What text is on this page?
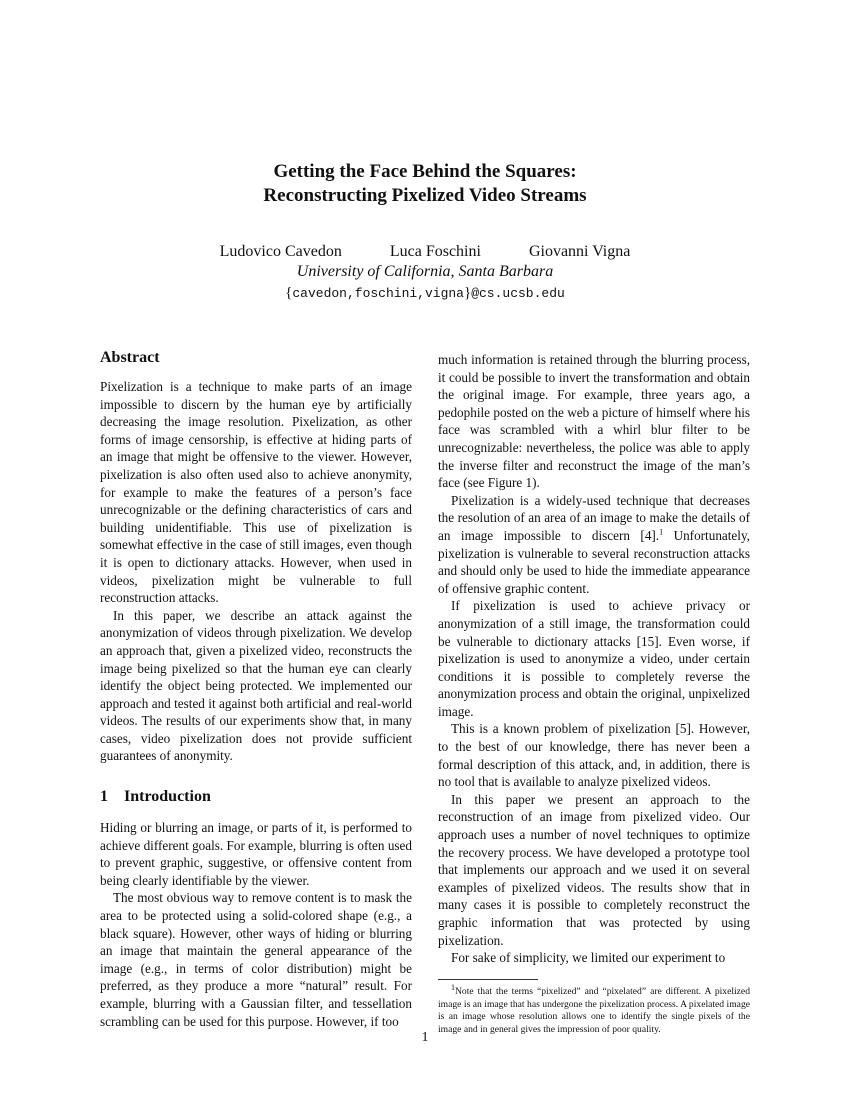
Getting the Face Behind the Squares:
Reconstructing Pixelized Video Streams
Ludovico Cavedon	Luca Foschini	Giovanni Vigna
University of California, Santa Barbara
{cavedon,foschini,vigna}@cs.ucsb.edu
Abstract

Pixelization is a technique to make parts of an image impossible to discern by the human eye by artificially decreasing the image resolution. Pixelization, as other forms of image censorship, is effective at hiding parts of an image that might be offensive to the viewer. However, pixelization is also often used also to achieve anonymity, for example to make the features of a person’s face unrecognizable or the defining characteristics of cars and building unidentifiable. This use of pixelization is somewhat effective in the case of still images, even though it is open to dictionary attacks. However, when used in videos, pixelization might be vulnerable to full reconstruction attacks.

In this paper, we describe an attack against the anonymization of videos through pixelization. We develop an approach that, given a pixelized video, reconstructs the image being pixelized so that the human eye can clearly identify the object being protected. We implemented our approach and tested it against both artificial and real-world videos. The results of our experiments show that, in many cases, video pixelization does not provide sufficient guarantees of anonymity.

1 Introduction

Hiding or blurring an image, or parts of it, is performed to achieve different goals. For example, blurring is often used to prevent graphic, suggestive, or offensive content from being clearly identifiable by the viewer.

The most obvious way to remove content is to mask the area to be protected using a solid-colored shape (e.g., a black square). However, other ways of hiding or blurring an image that maintain the general appearance of the image (e.g., in terms of color distribution) might be preferred, as they produce a more “natural” result. For example, blurring with a Gaussian filter, and tessellation scrambling can be used for this purpose. However, if too

much information is retained through the blurring process, it could be possible to invert the transformation and obtain the original image. For example, three years ago, a pedophile posted on the web a picture of himself where his face was scrambled with a whirl blur filter to be unrecognizable: nevertheless, the police was able to apply the inverse filter and reconstruct the image of the man’s face (see Figure 1).

Pixelization is a widely-used technique that decreases the resolution of an area of an image to make the details of an image impossible to discern [4].$^1$ Unfortunately, pixelization is vulnerable to several reconstruction attacks and should only be used to hide the immediate appearance of offensive graphic content.

If pixelization is used to achieve privacy or anonymization of a still image, the transformation could be vulnerable to dictionary attacks [15]. Even worse, if pixelization is used to anonymize a video, under certain conditions it is possible to completely reverse the anonymization process and obtain the original, unpixelized image.

This is a known problem of pixelization [5]. However, to the best of our knowledge, there has never been a formal description of this attack, and, in addition, there is no tool that is available to analyze pixelized videos.

In this paper we present an approach to the reconstruction of an image from pixelized video. Our approach uses a number of novel techniques to optimize the recovery process. We have developed a prototype tool that implements our approach and we used it on several examples of pixelized videos. The results show that in many cases it is possible to completely reconstruct the graphic information that was protected by using pixelization.

For sake of simplicity, we limited our experiment to

$^1$Note that the terms “pixelized” and “pixelated” are different. A pixelized image is an image that has undergone the pixelization process. A pixelated image is an image whose resolution allows one to identify the single pixels of the image and in general gives the impression of poor quality.
1
